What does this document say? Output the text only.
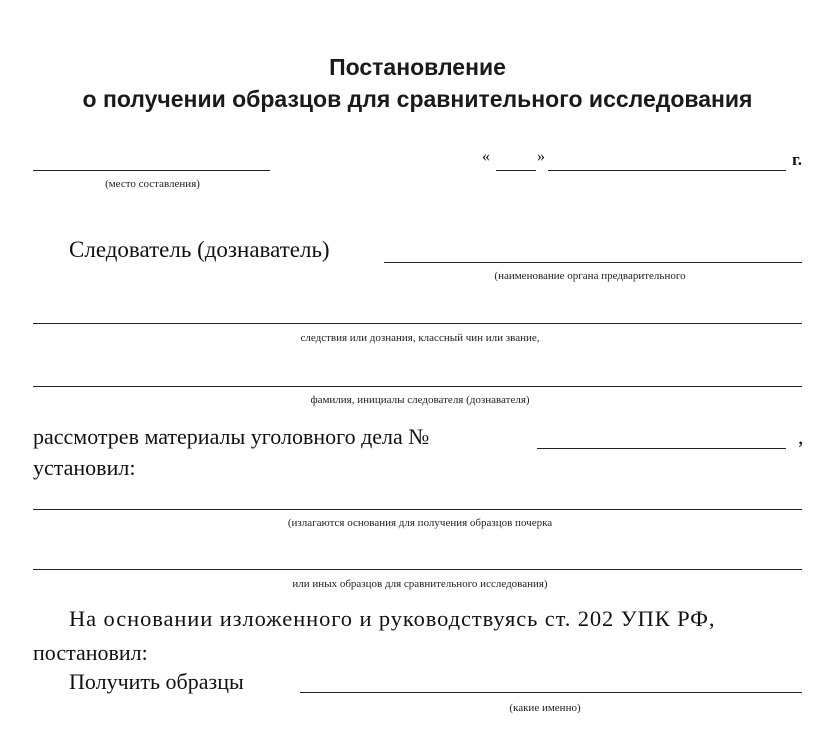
Постановление
о получении образцов для сравнительного исследования
(место составления)
«	»	г.
Следователь (дознаватель)
(наименование органа предварительного
следствия или дознания, классный чин или звание,
фамилия, инициалы следователя (дознавателя)
рассмотрев материалы уголовного дела №	,
установил:
(излагаются основания для получения образцов почерка
или иных образцов для сравнительного исследования)
На основании изложенного и руководствуясь ст. 202 УПК РФ,
постановил:
Получить образцы
(какие именно)
